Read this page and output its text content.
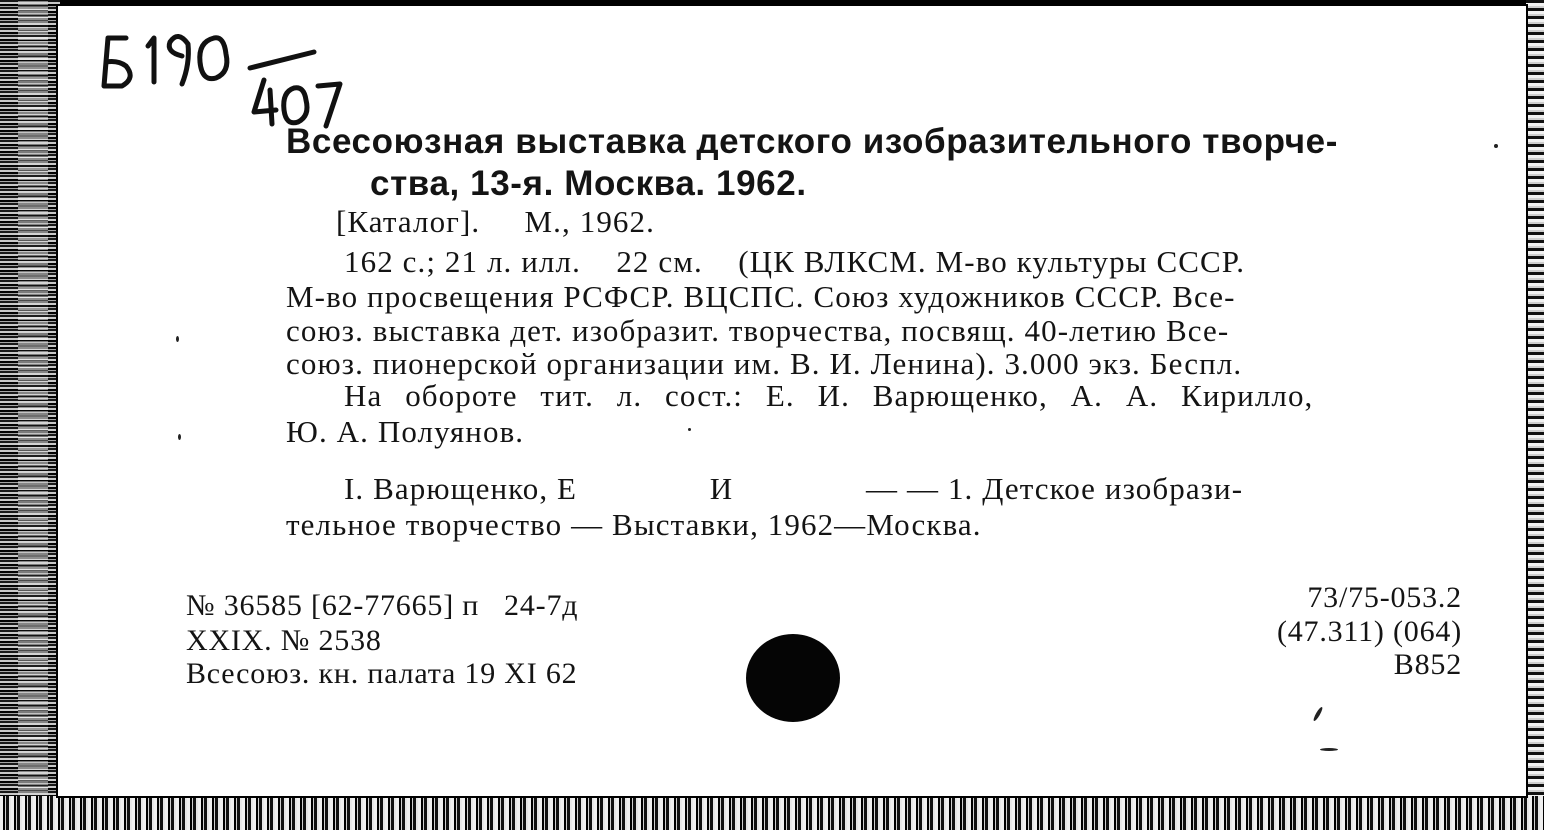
Всесоюзная выставка детского изобразительного творче-
ства, 13-я. Москва. 1962.
[Каталог].     М., 1962.
162 с.; 21 л. илл.    22 см.    (ЦК ВЛКСМ. М-во культуры СССР.
М-во просвещения РСФСР. ВЦСПС. Союз художников СССР. Все-
союз. выставка дет. изобразит. творчества, посвящ. 40-летию Все-
союз. пионерской организации им. В. И. Ленина). 3.000 экз. Беспл.
На обороте тит. л. сост.: Е. И. Варющенко, А. А. Кирилло,
Ю. А. Полуянов.
I. Варющенко, Е               И               — — 1. Детское изобрази-
тельное творчество — Выставки, 1962—Москва.
№ 36585 [62-77665] п   24-7д
XXIX. № 2538
Всесоюз. кн. палата 19 XI 62
73/75-053.2
(47.311) (064)
В852
